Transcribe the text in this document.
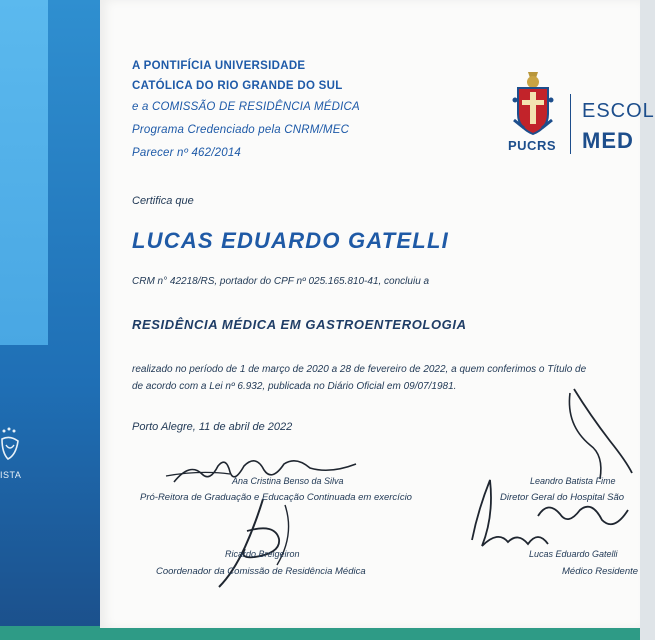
ISTA
A PONTIFÍCIA UNIVERSIDADE
CATÓLICA DO RIO GRANDE DO SUL
e a COMISSÃO DE RESIDÊNCIA MÉDICA
Programa Credenciado pela CNRM/MEC
Parecer nº 462/2014	PUCRS
ESCOL
MED
Certifica que
LUCAS EDUARDO GATELLI
CRM n° 42218/RS, portador do CPF nº 025.165.810-41, concluiu a
RESIDÊNCIA MÉDICA EM GASTROENTEROLOGIA
realizado no período de 1 de março de 2020 a 28 de fevereiro de 2022, a quem conferimos o Título de
de acordo com a Lei nº 6.932, publicada no Diário Oficial em 09/07/1981.
Porto Alegre, 11 de abril de 2022
Ana Cristina Benso da Silva
Pró-Reitora de Graduação e Educação Continuada em exercício
Leandro Batista Fime
Diretor Geral do Hospital São
Ricardo Breigeiron
Coordenador da Comissão de Residência Médica
Lucas Eduardo Gatelli
Médico Residente
